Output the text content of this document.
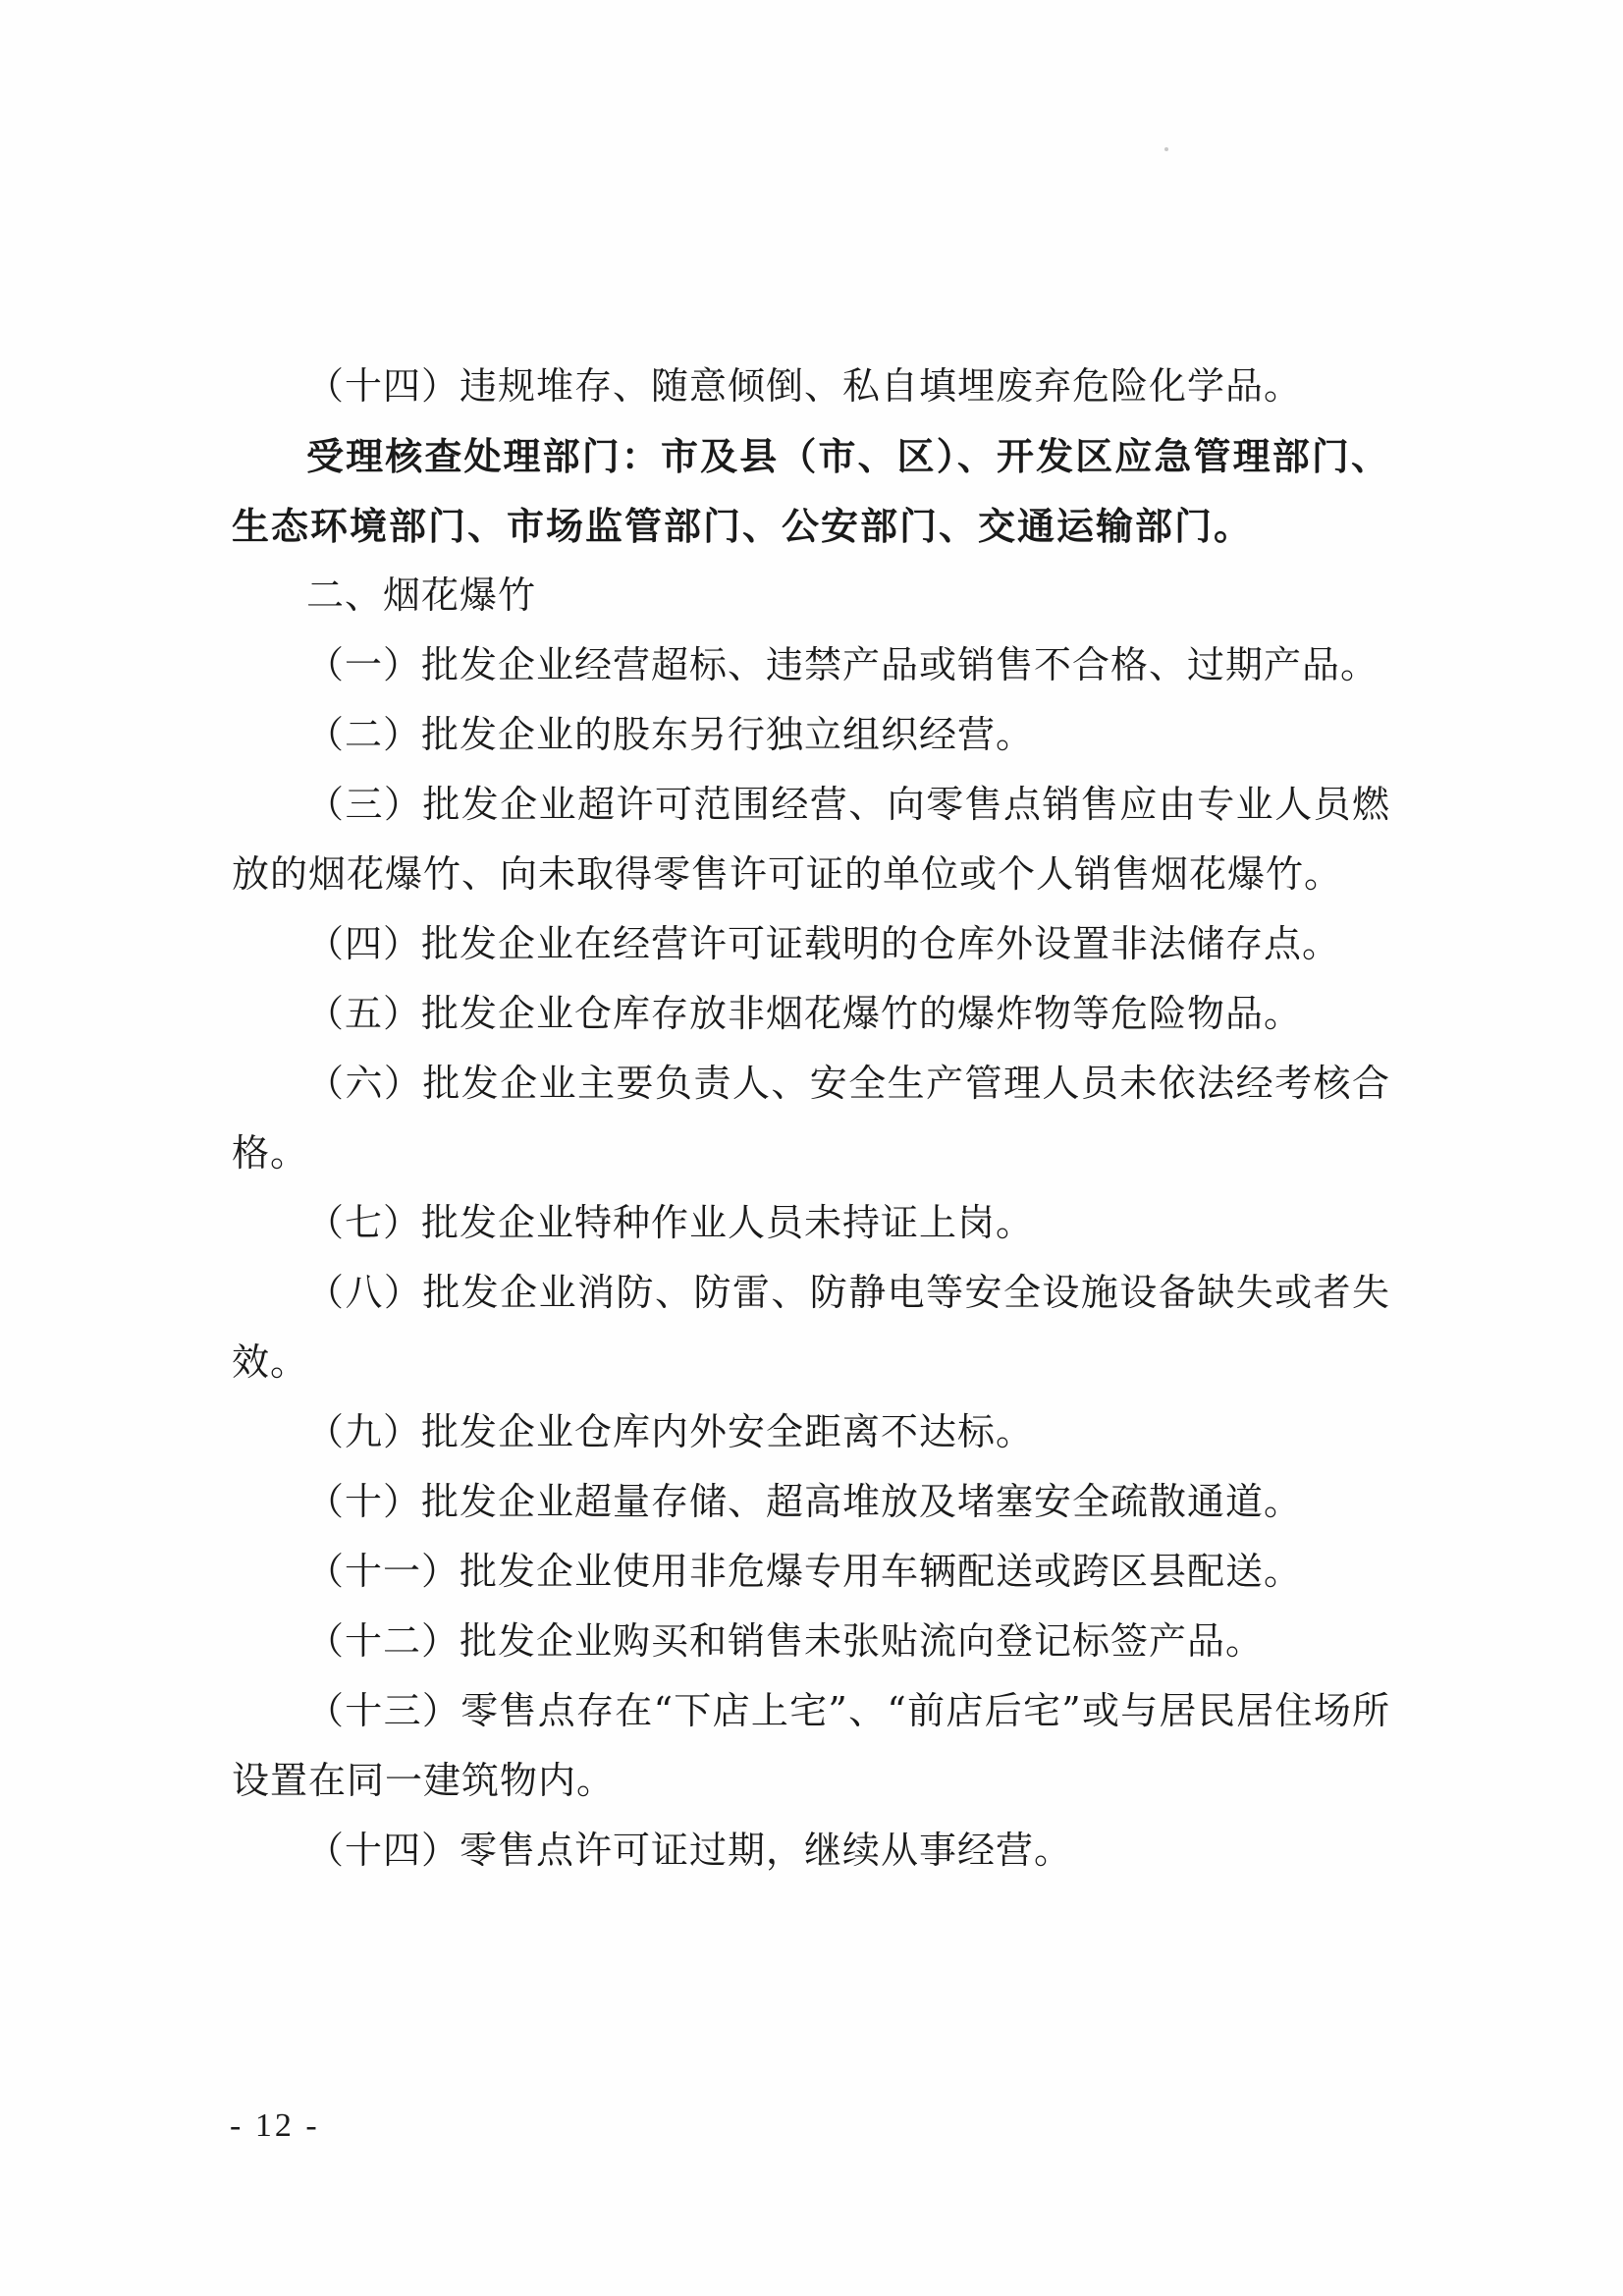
（十四）违规堆存、随意倾倒、私自填埋废弃危险化学品。

受理核查处理部门：市及县（市、区）、开发区应急管理部门、生态环境部门、市场监管部门、公安部门、交通运输部门。

二、烟花爆竹

（一）批发企业经营超标、违禁产品或销售不合格、过期产品。

（二）批发企业的股东另行独立组织经营。

（三）批发企业超许可范围经营、向零售点销售应由专业人员燃放的烟花爆竹、向未取得零售许可证的单位或个人销售烟花爆竹。

（四）批发企业在经营许可证载明的仓库外设置非法储存点。

（五）批发企业仓库存放非烟花爆竹的爆炸物等危险物品。

（六）批发企业主要负责人、安全生产管理人员未依法经考核合格。

（七）批发企业特种作业人员未持证上岗。

（八）批发企业消防、防雷、防静电等安全设施设备缺失或者失效。

（九）批发企业仓库内外安全距离不达标。

（十）批发企业超量存储、超高堆放及堵塞安全疏散通道。

（十一）批发企业使用非危爆专用车辆配送或跨区县配送。

（十二）批发企业购买和销售未张贴流向登记标签产品。

（十三）零售点存在“下店上宅”、“前店后宅”或与居民居住场所设置在同一建筑物内。

（十四）零售点许可证过期，继续从事经营。

- 12 -
